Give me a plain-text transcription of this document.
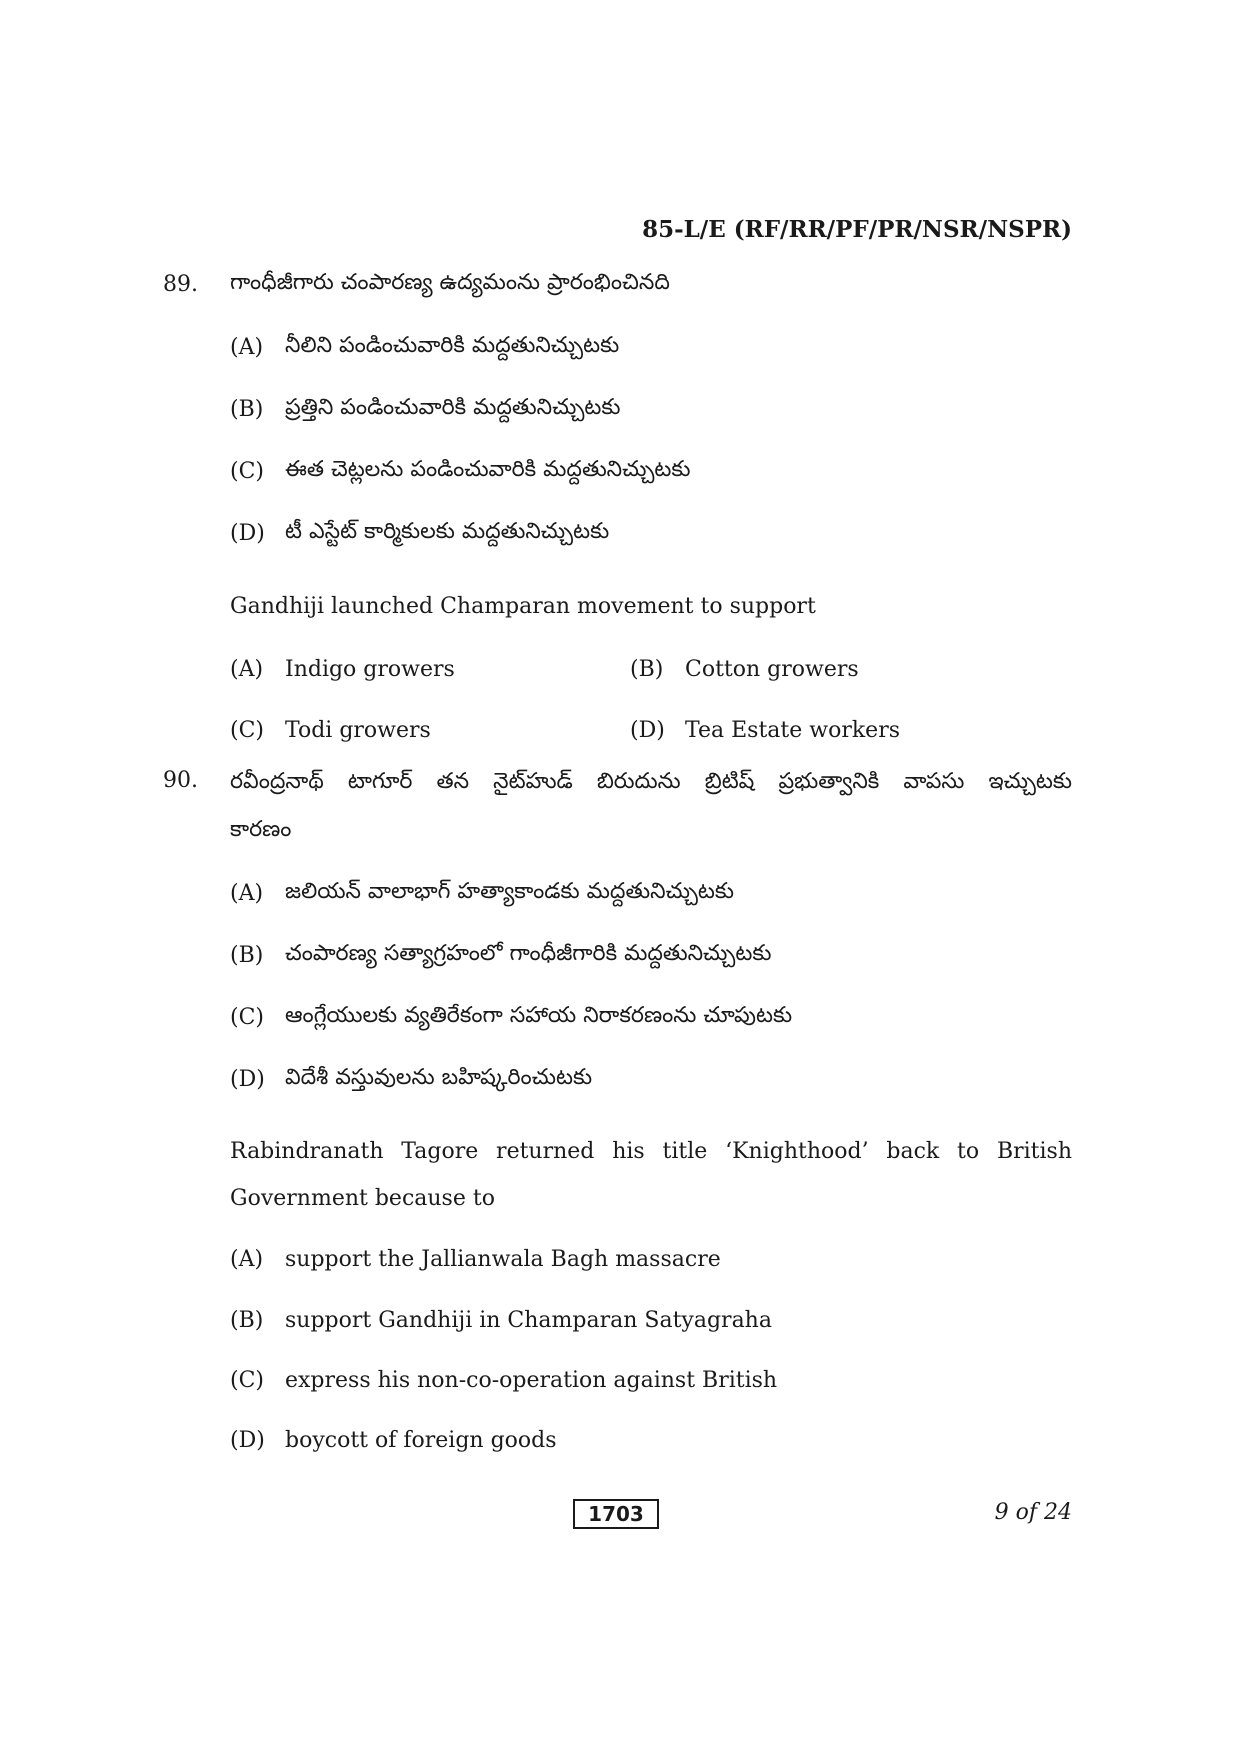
85-L/E (RF/RR/PF/PR/NSR/NSPR)
89. గాంధీజీగారు చంపారణ్య ఉద్యమంను ప్రారంభించినది
(A) నీలిని పండించువారికి మద్దతునిచ్చుటకు
(B) ప్రత్తిని పండించువారికి మద్దతునిచ్చుటకు
(C) ఈత చెట్లలను పండించువారికి మద్దతునిచ్చుటకు
(D) టీ ఎస్టేట్ కార్మికులకు మద్దతునిచ్చుటకు
Gandhiji launched Champaran movement to support
(A) Indigo growers	(B) Cotton growers
(C) Todi growers	(D) Tea Estate workers
90. రవీంద్రనాథ్ టాగూర్ తన నైట్‌హుడ్ బిరుదును బ్రిటిష్ ప్రభుత్వానికి వాపసు ఇచ్చుటకు
కారణం
(A) జలియన్ వాలాభాగ్ హత్యాకాండకు మద్దతునిచ్చుటకు
(B) చంపారణ్య సత్యాగ్రహంలో గాంధీజీగారికి మద్దతునిచ్చుటకు
(C) ఆంగ్లేయులకు వ్యతిరేకంగా సహాయ నిరాకరణంను చూపుటకు
(D) విదేశీ వస్తువులను బహిష్కరించుటకు
Rabindranath Tagore returned his title ‘Knighthood’ back to British
Government because to
(A) support the Jallianwala Bagh massacre
(B) support Gandhiji in Champaran Satyagraha
(C) express his non-co-operation against British
(D) boycott of foreign goods
1703	9 of 24
